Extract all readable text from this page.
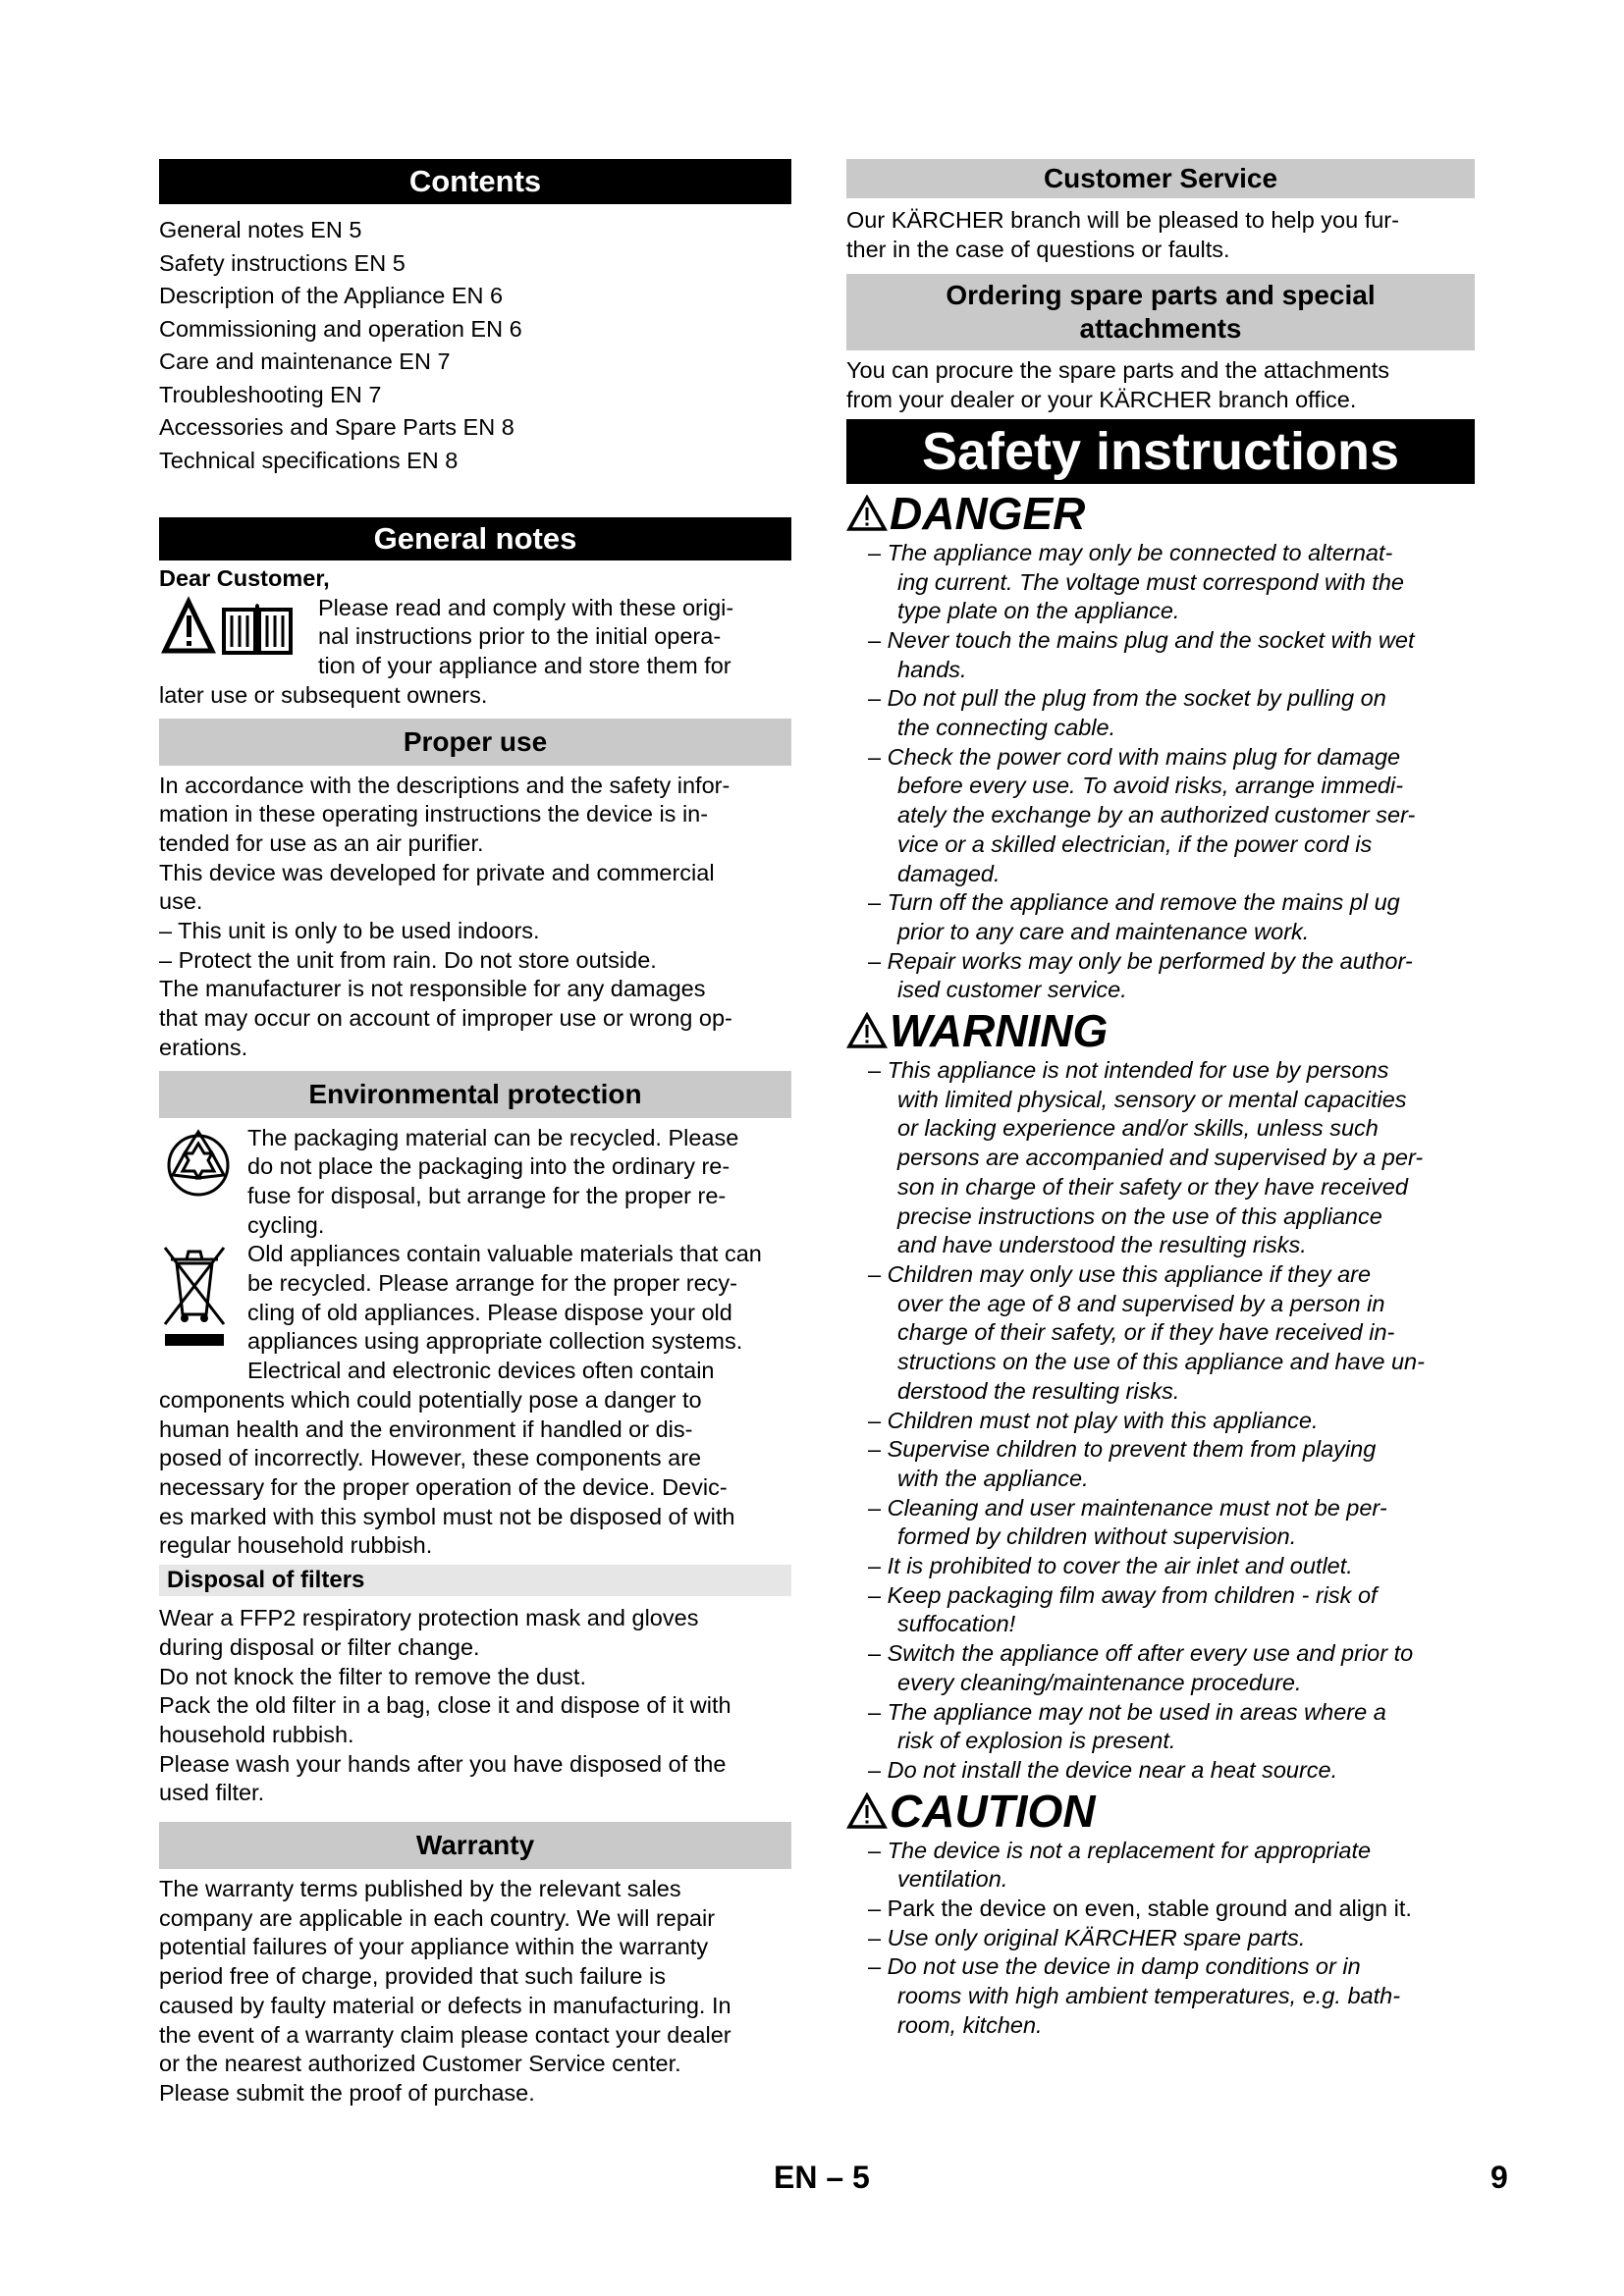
Contents
General notes EN 5
Safety instructions EN 5
Description of the Appliance EN 6
Commissioning and operation EN 6
Care and maintenance EN 7
Troubleshooting EN 7
Accessories and Spare Parts EN 8
Technical specifications EN 8
General notes

Dear Customer,

Please read and comply with these origi-

nal instructions prior to the initial opera-

tion of your appliance and store them for

later use or subsequent owners.

Proper use

In accordance with the descriptions and the safety infor-

mation in these operating instructions the device is in-

tended for use as an air purifier.

This device was developed for private and commercial

use.

– This unit is only to be used indoors.

– Protect the unit from rain. Do not store outside.

The manufacturer is not responsible for any damages

that may occur on account of improper use or wrong op-

erations.

Environmental protection

The packaging material can be recycled. Please

do not place the packaging into the ordinary re-

fuse for disposal, but arrange for the proper re-

cycling.

Old appliances contain valuable materials that can

be recycled. Please arrange for the proper recy-

cling of old appliances. Please dispose your old

appliances using appropriate collection systems.

Electrical and electronic devices often contain

components which could potentially pose a danger to

human health and the environment if handled or dis-

posed of incorrectly. However, these components are

necessary for the proper operation of the device. Devic-

es marked with this symbol must not be disposed of with

regular household rubbish.

Disposal of filters

Wear a FFP2 respiratory protection mask and gloves

during disposal or filter change.

Do not knock the filter to remove the dust.

Pack the old filter in a bag, close it and dispose of it with

household rubbish.

Please wash your hands after you have disposed of the

used filter.

Warranty

The warranty terms published by the relevant sales

company are applicable in each country. We will repair

potential failures of your appliance within the warranty

period free of charge, provided that such failure is

caused by faulty material or defects in manufacturing. In

the event of a warranty claim please contact your dealer

or the nearest authorized Customer Service center.

Please submit the proof of purchase.

Customer Service

Our KÄRCHER branch will be pleased to help you fur-

ther in the case of questions or faults.

Ordering spare parts and special
attachments

You can procure the spare parts and the attachments

from your dealer or your KÄRCHER branch office.

Safety instructions
DANGER
– The appliance may only be connected to alternat-
ing current. The voltage must correspond with the
type plate on the appliance.
– Never touch the mains plug and the socket with wet
hands.
– Do not pull the plug from the socket by pulling on
the connecting cable.
– Check the power cord with mains plug for damage
before every use. To avoid risks, arrange immedi-
ately the exchange by an authorized customer ser-
vice or a skilled electrician, if the power cord is
damaged.
– Turn off the appliance and remove the mains pl ug
prior to any care and maintenance work.
– Repair works may only be performed by the author-
ised customer service.
WARNING
– This appliance is not intended for use by persons
with limited physical, sensory or mental capacities
or lacking experience and/or skills, unless such
persons are accompanied and supervised by a per-
son in charge of their safety or they have received
precise instructions on the use of this appliance
and have understood the resulting risks.
– Children may only use this appliance if they are
over the age of 8 and supervised by a person in
charge of their safety, or if they have received in-
structions on the use of this appliance and have un-
derstood the resulting risks.
– Children must not play with this appliance.
– Supervise children to prevent them from playing
with the appliance.
– Cleaning and user maintenance must not be per-
formed by children without supervision.
– It is prohibited to cover the air inlet and outlet.
– Keep packaging film away from children - risk of
suffocation!
– Switch the appliance off after every use and prior to
every cleaning/maintenance procedure.
– The appliance may not be used in areas where a
risk of explosion is present.
– Do not install the device near a heat source.
CAUTION
– The device is not a replacement for appropriate
ventilation.
– Park the device on even, stable ground and align it.
– Use only original KÄRCHER spare parts.
– Do not use the device in damp conditions or in
rooms with high ambient temperatures, e.g. bath-
room, kitchen.
EN – 5	9
